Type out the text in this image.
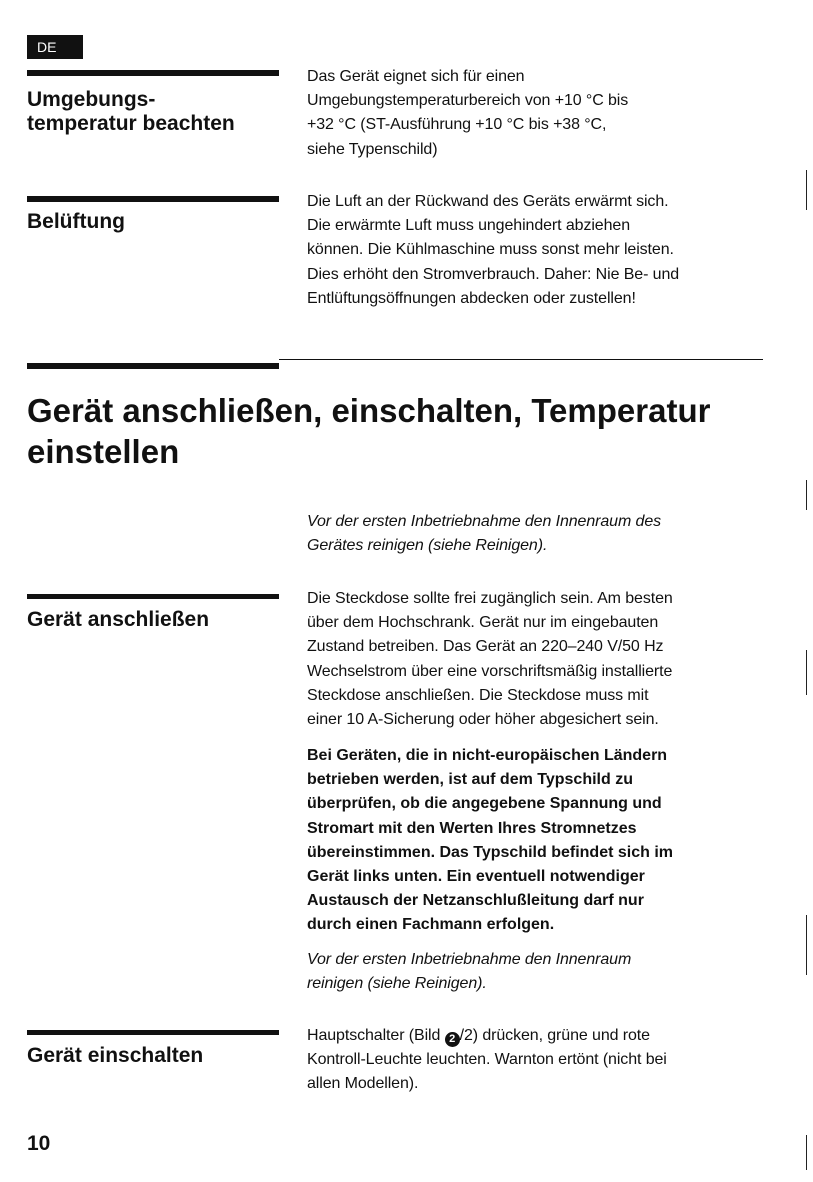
DE
Umgebungs-
temperatur beachten
Das Gerät eignet sich für einen
Umgebungstemperaturbereich von +10 °C bis
+32 °C (ST-Ausführung +10 °C bis +38 °C,
siehe Typenschild)
Belüftung
Die Luft an der Rückwand des Geräts erwärmt sich.
Die erwärmte Luft muss ungehindert abziehen
können. Die Kühlmaschine muss sonst mehr leisten.
Dies erhöht den Stromverbrauch. Daher: Nie Be- und
Entlüftungsöffnungen abdecken oder zustellen!
Gerät anschließen, einschalten, Temperatur
einstellen
Vor der ersten Inbetriebnahme den Innenraum des
Gerätes reinigen (siehe Reinigen).
Gerät anschließen
Die Steckdose sollte frei zugänglich sein. Am besten
über dem Hochschrank. Gerät nur im eingebauten
Zustand betreiben. Das Gerät an 220–240 V/50 Hz
Wechselstrom über eine vorschriftsmäßig installierte
Steckdose anschließen. Die Steckdose muss mit
einer 10 A-Sicherung oder höher abgesichert sein.
Bei Geräten, die in nicht-europäischen Ländern
betrieben werden, ist auf dem Typschild zu
überprüfen, ob die angegebene Spannung und
Stromart mit den Werten Ihres Stromnetzes
übereinstimmen. Das Typschild befindet sich im
Gerät links unten. Ein eventuell notwendiger
Austausch der Netzanschlußleitung darf nur
durch einen Fachmann erfolgen.
Vor der ersten Inbetriebnahme den Innenraum
reinigen (siehe Reinigen).
Gerät einschalten
Hauptschalter (Bild 2 /2) drücken, grüne und rote
Kontroll-Leuchte leuchten. Warnton ertönt (nicht bei
allen Modellen).
10
